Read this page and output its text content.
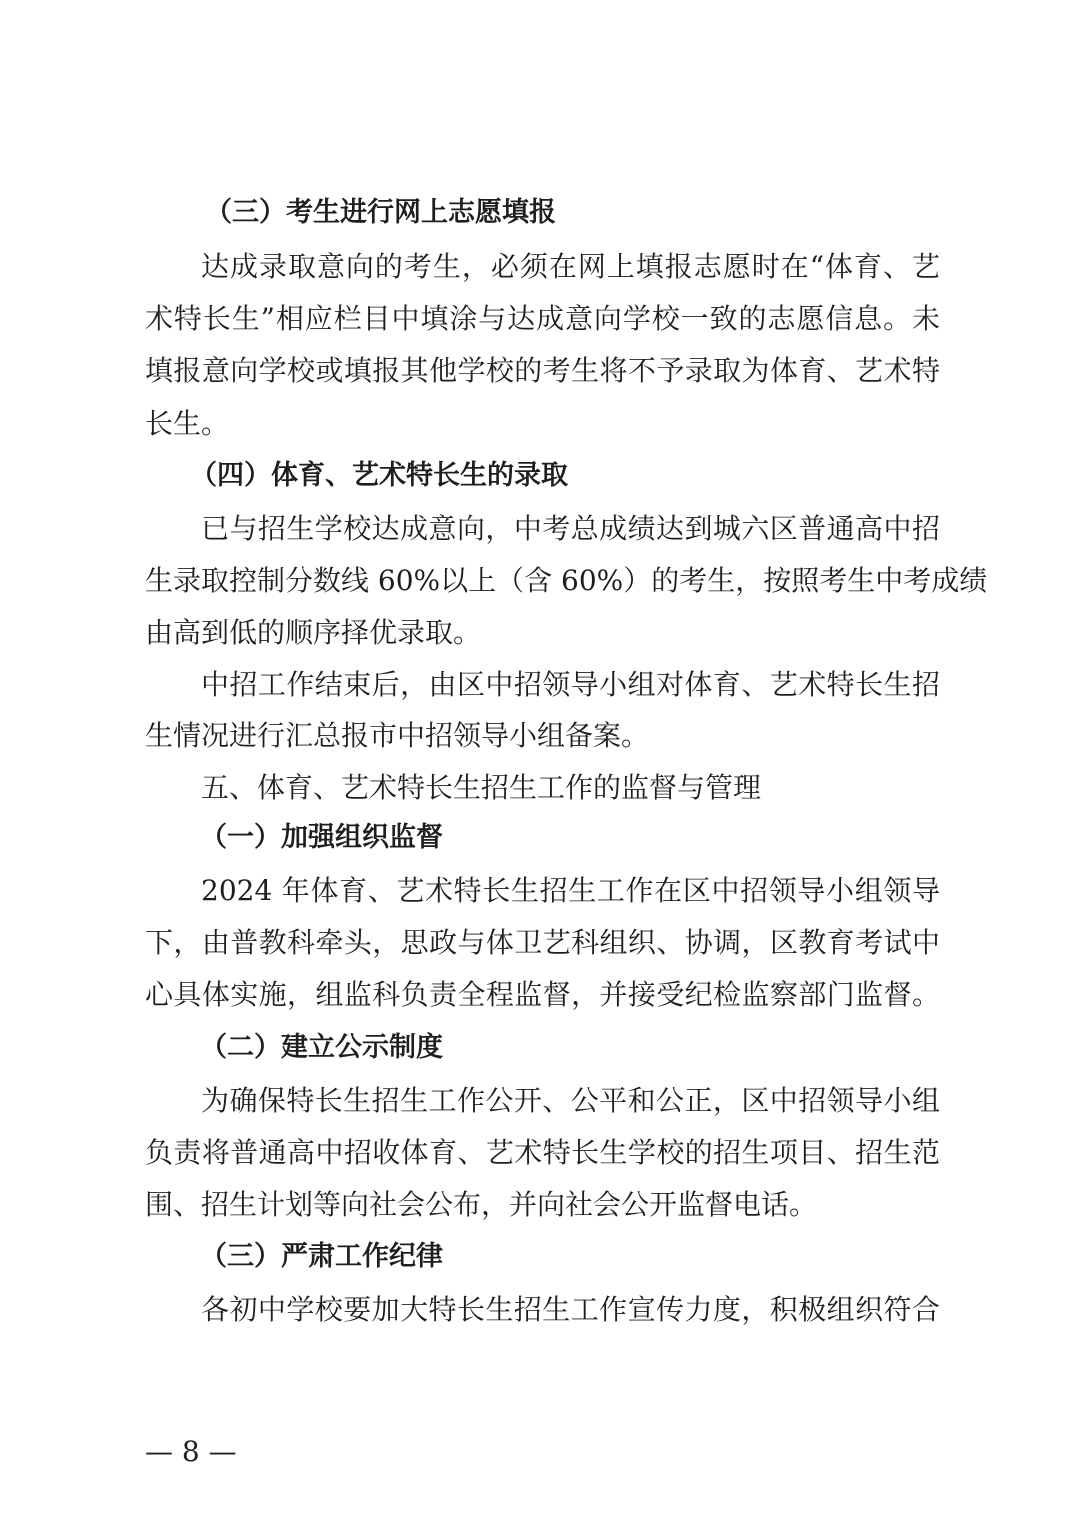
（三）考生进行网上志愿填报
达成录取意向的考生，必须在网上填报志愿时在“体育、艺
术特长生”相应栏目中填涂与达成意向学校一致的志愿信息。未
填报意向学校或填报其他学校的考生将不予录取为体育、艺术特
长生。
（四）体育、艺术特长生的录取
已与招生学校达成意向，中考总成绩达到城六区普通高中招
生录取控制分数线 60%以上（含 60%）的考生，按照考生中考成绩
由高到低的顺序择优录取。
中招工作结束后，由区中招领导小组对体育、艺术特长生招
生情况进行汇总报市中招领导小组备案。
五、体育、艺术特长生招生工作的监督与管理
（一）加强组织监督
2024 年体育、艺术特长生招生工作在区中招领导小组领导
下，由普教科牵头，思政与体卫艺科组织、协调，区教育考试中
心具体实施，组监科负责全程监督，并接受纪检监察部门监督。
（二）建立公示制度
为确保特长生招生工作公开、公平和公正，区中招领导小组
负责将普通高中招收体育、艺术特长生学校的招生项目、招生范
围、招生计划等向社会公布，并向社会公开监督电话。
（三）严肃工作纪律
各初中学校要加大特长生招生工作宣传力度，积极组织符合
— 8 —
